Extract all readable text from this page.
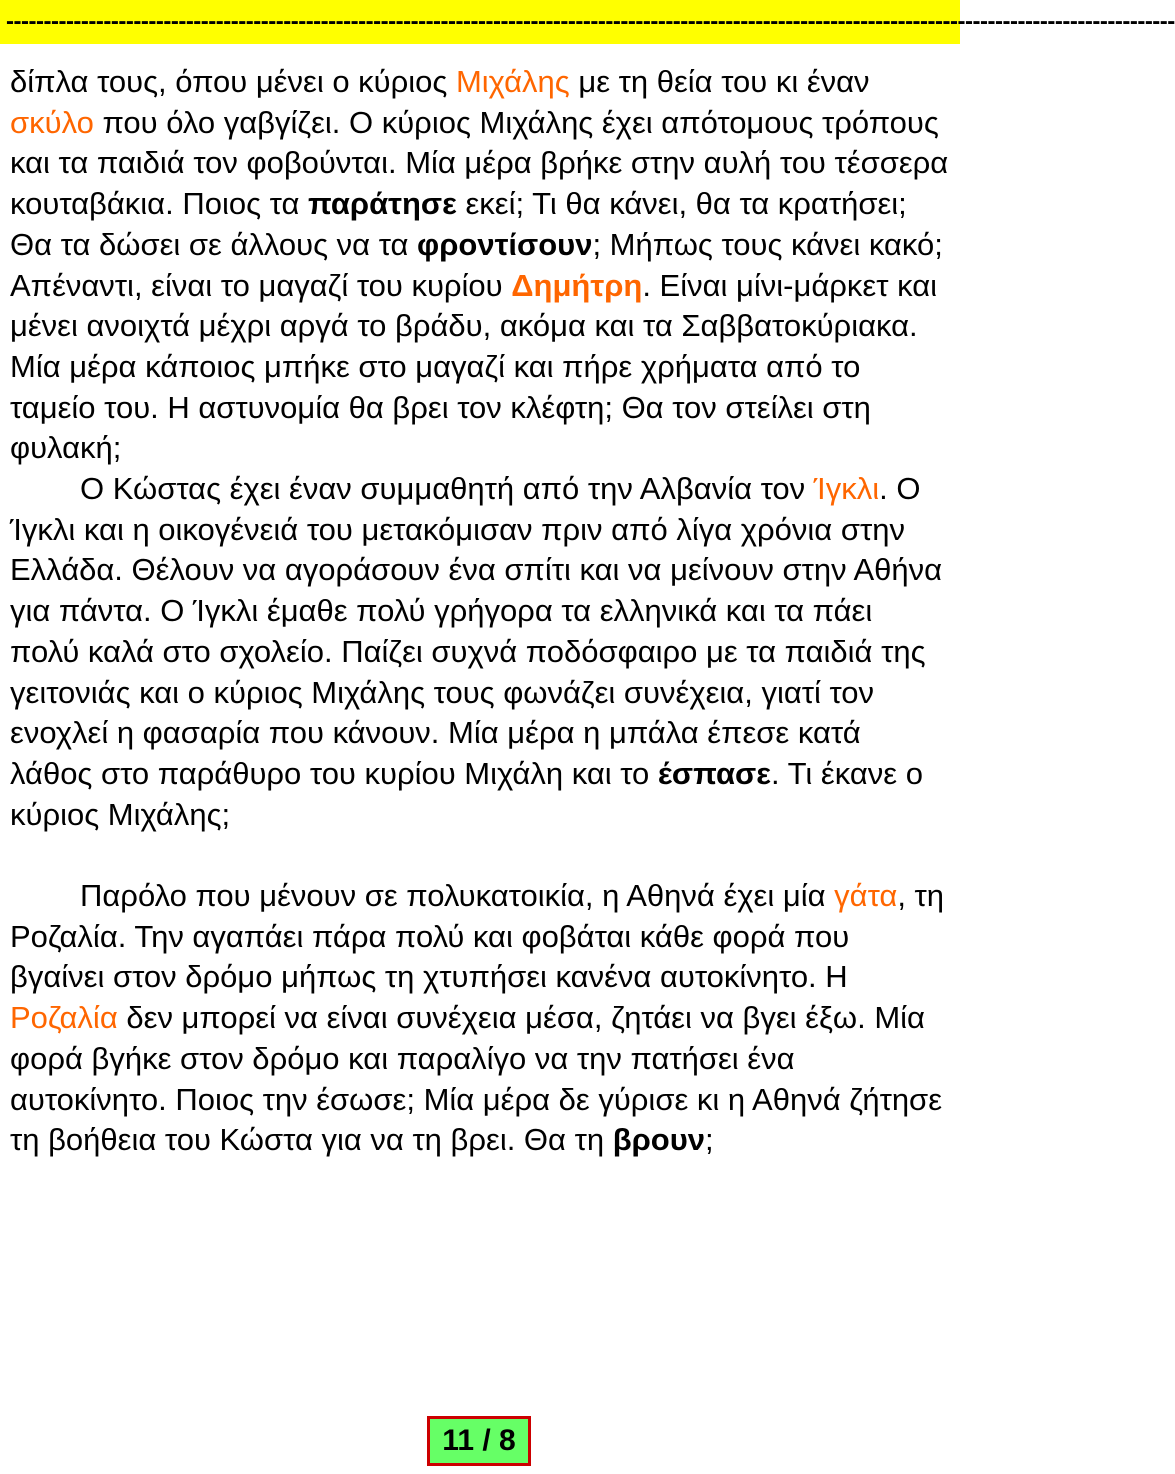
------------------------------------------------------------------------------------------------------------------------------------------------------------

δίπλα τους, όπου μένει ο κύριος Μιχάλης με τη θεία του κι έναν σκύλο που όλο γαβγίζει. Ο κύριος Μιχάλης έχει απότομους τρόπους και τα παιδιά τον φοβούνται. Μία μέρα βρήκε στην αυλή του τέσσερα κουταβάκια. Ποιος τα παράτησε εκεί; Τι θα κάνει, θα τα κρατήσει; Θα τα δώσει σε άλλους να τα φροντίσουν; Μήπως τους κάνει κακό; Απέναντι, είναι το μαγαζί του κυρίου Δημήτρη. Είναι μίνι-μάρκετ και μένει ανοιχτά μέχρι αργά το βράδυ, ακόμα και τα Σαββατοκύριακα. Μία μέρα κάποιος μπήκε στο μαγαζί και πήρε χρήματα από το ταμείο του. Η αστυνομία θα βρει τον κλέφτη; Θα τον στείλει στη φυλακή;
Ο Κώστας έχει έναν συμμαθητή από την Αλβανία τον Ίγκλι. Ο Ίγκλι και η οικογένειά του μετακόμισαν πριν από λίγα χρόνια στην Ελλάδα. Θέλουν να αγοράσουν ένα σπίτι και να μείνουν στην Αθήνα για πάντα. Ο Ίγκλι έμαθε πολύ γρήγορα τα ελληνικά και τα πάει πολύ καλά στο σχολείο. Παίζει συχνά ποδόσφαιρο με τα παιδιά της γειτονιάς και ο κύριος Μιχάλης τους φωνάζει συνέχεια, γιατί τον ενοχλεί η φασαρία που κάνουν. Μία μέρα η μπάλα έπεσε κατά λάθος στο παράθυρο του κυρίου Μιχάλη και το έσπασε. Τι έκανε ο κύριος Μιχάλης;

Παρόλο που μένουν σε πολυκατοικία, η Αθηνά έχει μία γάτα, τη Ροζαλία. Την αγαπάει πάρα πολύ και φοβάται κάθε φορά που βγαίνει στον δρόμο μήπως τη χτυπήσει κανένα αυτοκίνητο. Η Ροζαλία δεν μπορεί να είναι συνέχεια μέσα, ζητάει να βγει έξω. Μία φορά βγήκε στον δρόμο και παραλίγο να την πατήσει ένα αυτοκίνητο. Ποιος την έσωσε; Μία μέρα δε γύρισε κι η Αθηνά ζήτησε τη βοήθεια του Κώστα για να τη βρει. Θα τη βρουν;

11 / 8
